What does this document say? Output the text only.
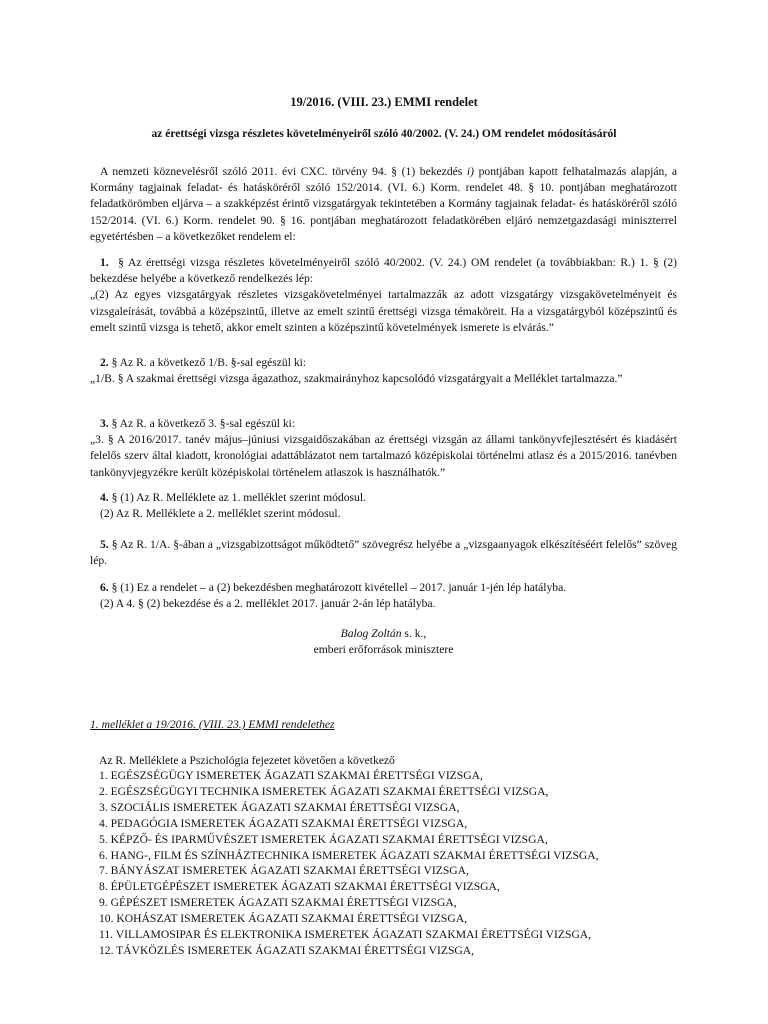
19/2016. (VIII. 23.) EMMI rendelet
az érettségi vizsga részletes követelményeiről szóló 40/2002. (V. 24.) OM rendelet módosításáról

A nemzeti köznevelésről szóló 2011. évi CXC. törvény 94. § (1) bekezdés i) pontjában kapott felhatalmazás alapján, a Kormány tagjainak feladat- és hatásköréről szóló 152/2014. (VI. 6.) Korm. rendelet 48. § 10. pontjában meghatározott feladatkörömben eljárva – a szakképzést érintő vizsgatárgyak tekintetében a Kormány tagjainak feladat- és hatásköréről szóló 152/2014. (VI. 6.) Korm. rendelet 90. § 16. pontjában meghatározott feladatkörében eljáró nemzetgazdasági miniszterrel egyetértésben – a következőket rendelem el:

1.  § Az érettségi vizsga részletes követelményeiről szóló 40/2002. (V. 24.) OM rendelet (a továbbiakban: R.) 1. § (2) bekezdése helyébe a következő rendelkezés lép:

„(2) Az egyes vizsgatárgyak részletes vizsgakövetelményei tartalmazzák az adott vizsgatárgy vizsgakövetelményeit és vizsgaleírását, továbbá a középszintű, illetve az emelt szintű érettségi vizsga témaköreit. Ha a vizsgatárgyból középszintű és emelt szintű vizsga is tehető, akkor emelt szinten a középszintű követelmények ismerete is elvárás.”

2. § Az R. a következő 1/B. §-sal egészül ki:

„1/B. § A szakmai érettségi vizsga ágazathoz, szakmairányhoz kapcsolódó vizsgatárgyait a Melléklet tartalmazza.”

3. § Az R. a következő 3. §-sal egészül ki:

„3. § A 2016/2017. tanév május–júniusi vizsgaidőszakában az érettségi vizsgán az állami tankönyvfejlesztésért és kiadásért felelős szerv által kiadott, kronológiai adattáblázatot nem tartalmazó középiskolai történelmi atlasz és a 2015/2016. tanévben tankönyvjegyzékre került középiskolai történelem atlaszok is használhatók.”

4. § (1) Az R. Melléklete az 1. melléklet szerint módosul.

(2) Az R. Melléklete a 2. melléklet szerint módosul.

5. § Az R. 1/A. §-ában a „vizsgabizottságot működtető” szövegrész helyébe a „vizsgaanyagok elkészítéséért felelős” szöveg lép.

6. § (1) Ez a rendelet – a (2) bekezdésben meghatározott kivétellel – 2017. január 1-jén lép hatályba.

(2) A 4. § (2) bekezdése és a 2. melléklet 2017. január 2-án lép hatályba.

Balog Zoltán s. k.,
emberi erőforrások minisztere
1. melléklet a 19/2016. (VIII. 23.) EMMI rendelethez
Az R. Melléklete a Pszichológia fejezetet követően a következő
1. EGÉSZSÉGÜGY ISMERETEK ÁGAZATI SZAKMAI ÉRETTSÉGI VIZSGA,
2. EGÉSZSÉGÜGYI TECHNIKA ISMERETEK ÁGAZATI SZAKMAI ÉRETTSÉGI VIZSGA,
3. SZOCIÁLIS ISMERETEK ÁGAZATI SZAKMAI ÉRETTSÉGI VIZSGA,
4. PEDAGÓGIA ISMERETEK ÁGAZATI SZAKMAI ÉRETTSÉGI VIZSGA,
5. KÉPZŐ- ÉS IPARMŰVÉSZET ISMERETEK ÁGAZATI SZAKMAI ÉRETTSÉGI VIZSGA,
6. HANG-, FILM ÉS SZÍNHÁZTECHNIKA ISMERETEK ÁGAZATI SZAKMAI ÉRETTSÉGI VIZSGA,
7. BÁNYÁSZAT ISMERETEK ÁGAZATI SZAKMAI ÉRETTSÉGI VIZSGA,
8. ÉPÜLETGÉPÉSZET ISMERETEK ÁGAZATI SZAKMAI ÉRETTSÉGI VIZSGA,
9. GÉPÉSZET ISMERETEK ÁGAZATI SZAKMAI ÉRETTSÉGI VIZSGA,
10. KOHÁSZAT ISMERETEK ÁGAZATI SZAKMAI ÉRETTSÉGI VIZSGA,
11. VILLAMOSIPAR ÉS ELEKTRONIKA ISMERETEK ÁGAZATI SZAKMAI ÉRETTSÉGI VIZSGA,
12. TÁVKÖZLÉS ISMERETEK ÁGAZATI SZAKMAI ÉRETTSÉGI VIZSGA,
